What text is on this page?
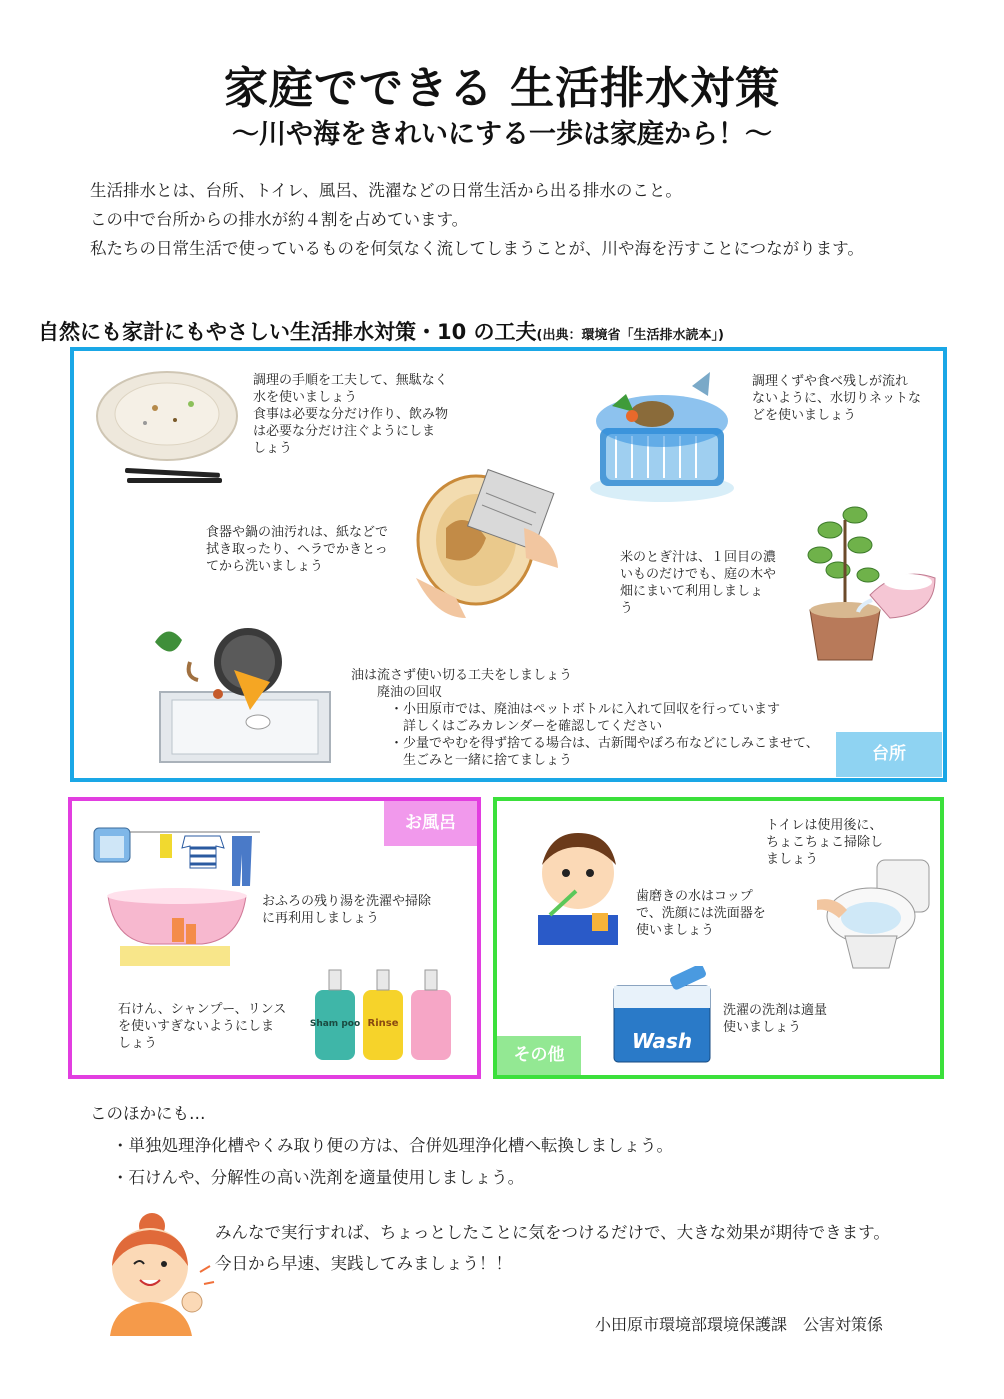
家庭でできる 生活排水対策
〜川や海をきれいにする一歩は家庭から！〜
生活排水とは、台所、トイレ、風呂、洗濯などの日常生活から出る排水のこと。
この中で台所からの排水が約４割を占めています。
私たちの日常生活で使っているものを何気なく流してしまうことが、川や海を汚すことにつながります。
自然にも家計にもやさしい生活排水対策・10 の工夫(出典：環境省「生活排水読本」)
調理の手順を工夫して、無駄なく
水を使いましょう
食事は必要な分だけ作り、飲み物
は必要な分だけ注ぐようにしま
しょう
調理くずや食べ残しが流れ
ないように、水切りネットな
どを使いましょう
食器や鍋の油汚れは、紙などで
拭き取ったり、ヘラでかきとっ
てから洗いましょう
米のとぎ汁は、１回目の濃
いものだけでも、庭の木や
畑にまいて利用しましょ
う
油は流さず使い切る工夫をしましょう
　　廃油の回収
　　　・小田原市では、廃油はペットボトルに入れて回収を行っています
　　　　詳しくはごみカレンダーを確認してください
　　　・少量でやむを得ず捨てる場合は、古新聞やぼろ布などにしみこませて、
　　　　生ごみと一緒に捨てましょう	台所
お風呂
おふろの残り湯を洗濯や掃除
に再利用しましょう
石けん、シャンプー、リンス
を使いすぎないようにしま
しょう
Sham poo Rinse
その他
歯磨きの水はコップ
で、洗顔には洗面器を
使いましょう
トイレは使用後に、
ちょこちょこ掃除し
ましょう
Wash
洗濯の洗剤は適量
使いましょう
このほかにも…
・単独処理浄化槽やくみ取り便の方は、合併処理浄化槽へ転換しましょう。
・石けんや、分解性の高い洗剤を適量使用しましょう。
みんなで実行すれば、ちょっとしたことに気をつけるだけで、大きな効果が期待できます。
今日から早速、実践してみましょう！！
小田原市環境部環境保護課　公害対策係
